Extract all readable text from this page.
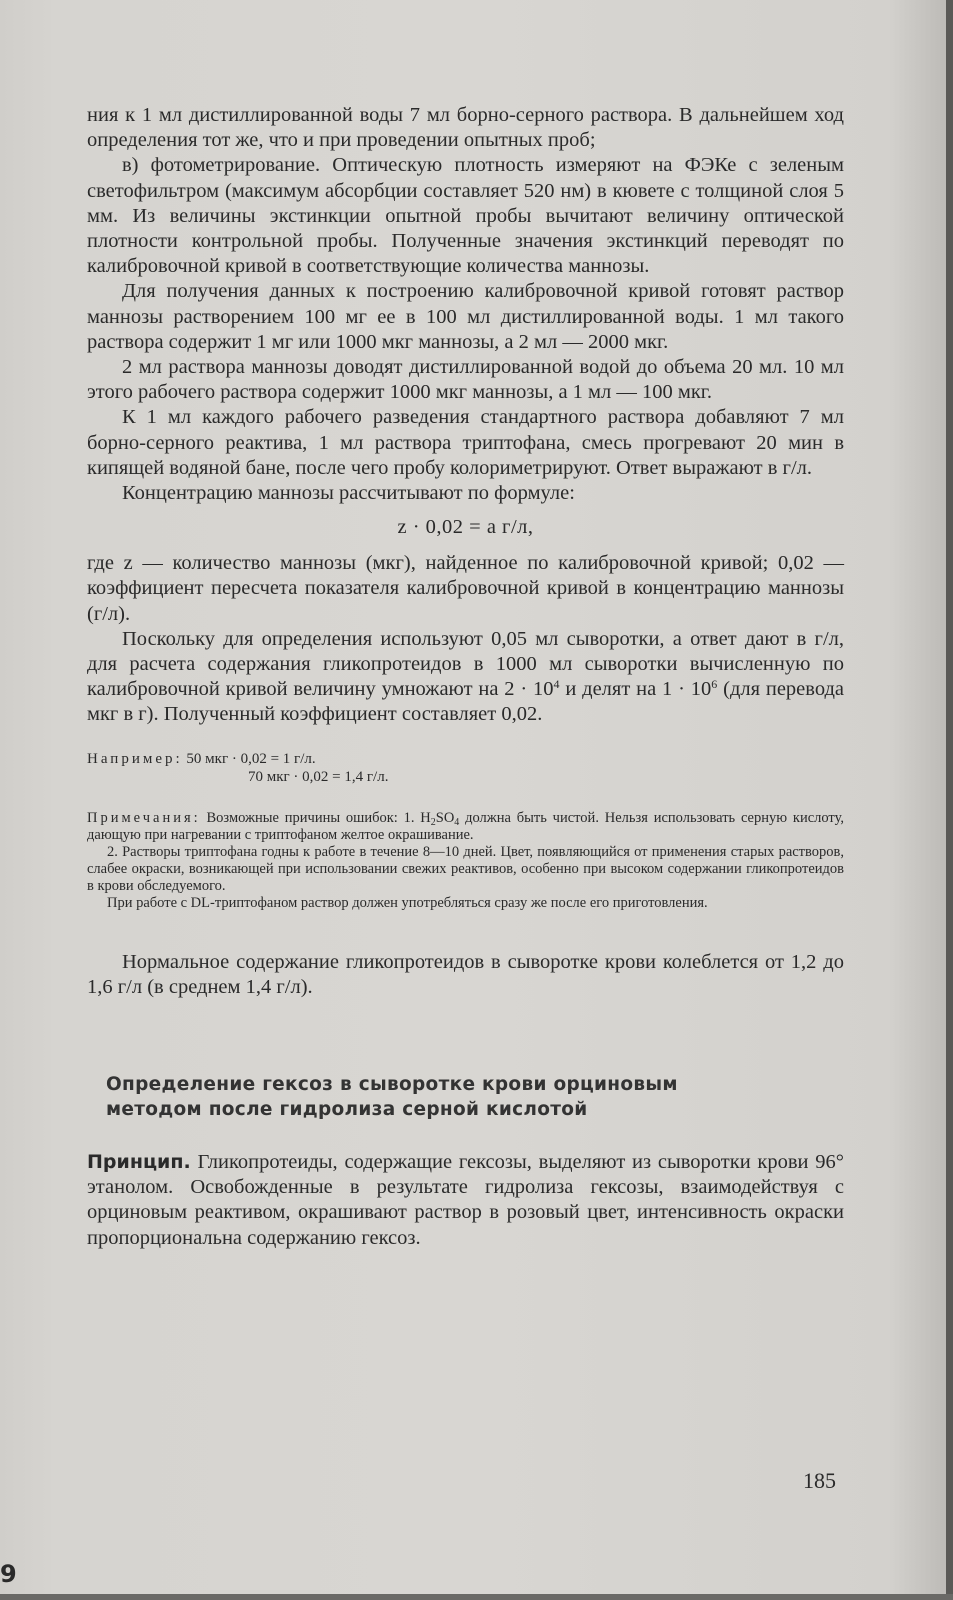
ния к 1 мл дистиллированной воды 7 мл борно-серного раствора. В дальнейшем ход определения тот же, что и при проведении опытных проб;

в) фотометрирование. Оптическую плотность измеряют на ФЭКе с зеленым светофильтром (максимум абсорбции составляет 520 нм) в кювете с толщиной слоя 5 мм. Из величины экстинкции опытной пробы вычитают величину оптической плотности контрольной пробы. Полученные значения экстинкций переводят по калибровочной кривой в соответствующие количества маннозы.

Для получения данных к построению калибровочной кривой готовят раствор маннозы растворением 100 мг ее в 100 мл дистиллированной воды. 1 мл такого раствора содержит 1 мг или 1000 мкг маннозы, а 2 мл — 2000 мкг.

2 мл раствора маннозы доводят дистиллированной водой до объема 20 мл. 10 мл этого рабочего раствора содержит 1000 мкг маннозы, а 1 мл — 100 мкг.

К 1 мл каждого рабочего разведения стандартного раствора добавляют 7 мл борно-серного реактива, 1 мл раствора триптофана, смесь прогревают 20 мин в кипящей водяной бане, после чего пробу колориметрируют. Ответ выражают в г/л.

Концентрацию маннозы рассчитывают по формуле:

z · 0,02 = a г/л,

где z — количество маннозы (мкг), найденное по калибровочной кривой; 0,02 — коэффициент пересчета показателя калибровочной кривой в концентрацию маннозы (г/л).

Поскольку для определения используют 0,05 мл сыворотки, а ответ дают в г/л, для расчета содержания гликопротеидов в 1000 мл сыворотки вычисленную по калибровочной кривой величину умножают на $2 \cdot 10^4$ и делят на $1 \cdot 10^6$ (для перевода мкг в г). Полученный коэффициент составляет 0,02.

Например: 50 мкг · 0,02 = 1 г/л.
70 мкг · 0,02 = 1,4 г/л.
Примечания: Возможные причины ошибок: 1. $H_2SO_4$ должна быть чистой. Нельзя использовать серную кислоту, дающую при нагревании с триптофаном желтое окрашивание.
2. Растворы триптофана годны к работе в течение 8—10 дней. Цвет, появляющийся от применения старых растворов, слабее окраски, возникающей при использовании свежих реактивов, особенно при высоком содержании гликопротеидов в крови обследуемого.
При работе с DL-триптофаном раствор должен употребляться сразу же после его приготовления.

Нормальное содержание гликопротеидов в сыворотке крови колеблется от 1,2 до 1,6 г/л (в среднем 1,4 г/л).

Определение гексоз в сыворотке крови орциновым
методом после гидролиза серной кислотой

Принцип. Гликопротеиды, содержащие гексозы, выделяют из сыворотки крови 96° этанолом. Освобожденные в результате гидролиза гексозы, взаимодействуя с орциновым реактивом, окрашивают раствор в розовый цвет, интенсивность окраски пропорциональна содержанию гексоз.

185
9
